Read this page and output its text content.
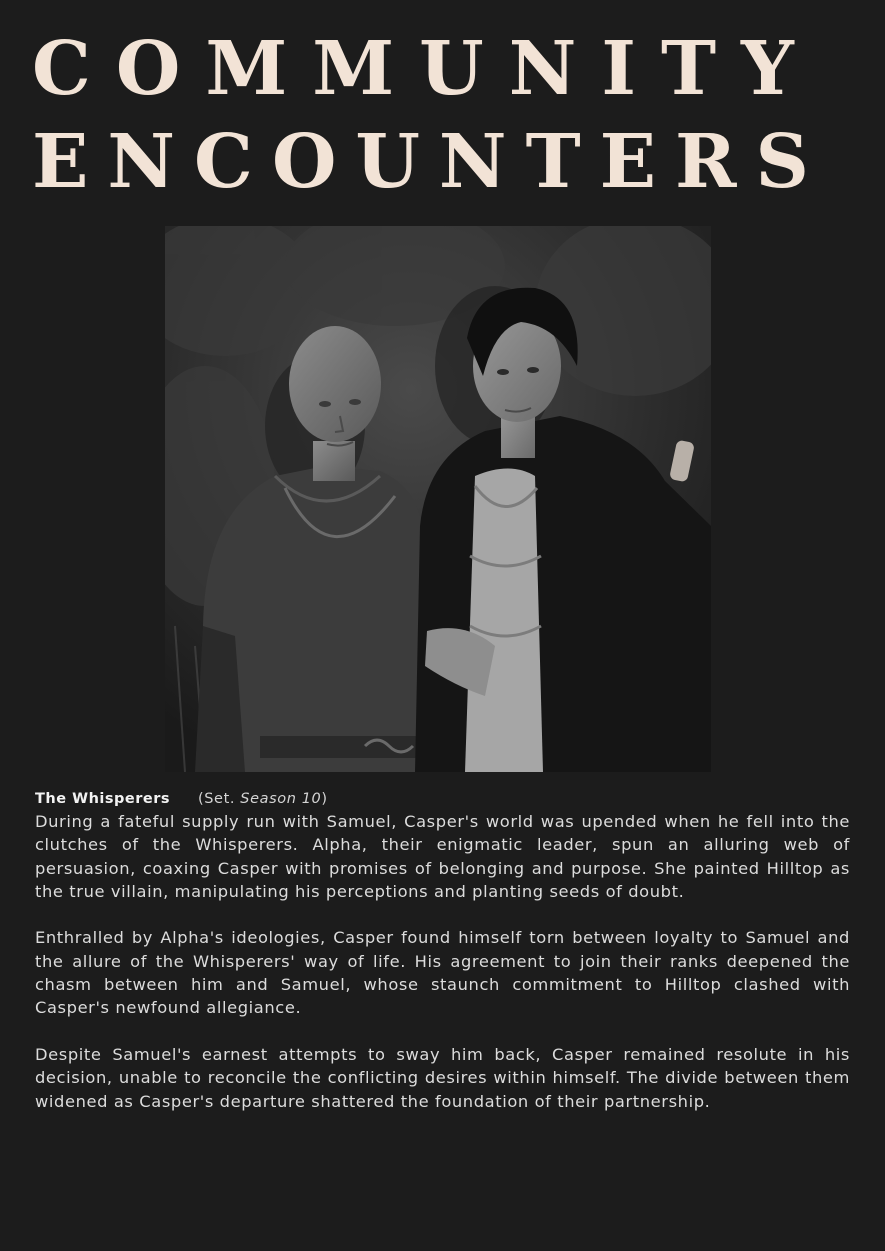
COMMUNITY
ENCOUNTERS

The Whisperers (Set. Season 10)

During a fateful supply run with Samuel, Casper's world was upended when he fell into the clutches of the Whisperers. Alpha, their enigmatic leader, spun an alluring web of persuasion, coaxing Casper with promises of belonging and purpose. She painted Hilltop as the true villain, manipulating his perceptions and planting seeds of doubt.

Enthralled by Alpha's ideologies, Casper found himself torn between loyalty to Samuel and the allure of the Whisperers' way of life. His agreement to join their ranks deepened the chasm between him and Samuel, whose staunch commitment to Hilltop clashed with Casper's newfound allegiance.

Despite Samuel's earnest attempts to sway him back, Casper remained resolute in his decision, unable to reconcile the conflicting desires within himself. The divide between them widened as Casper's departure shattered the foundation of their partnership.
